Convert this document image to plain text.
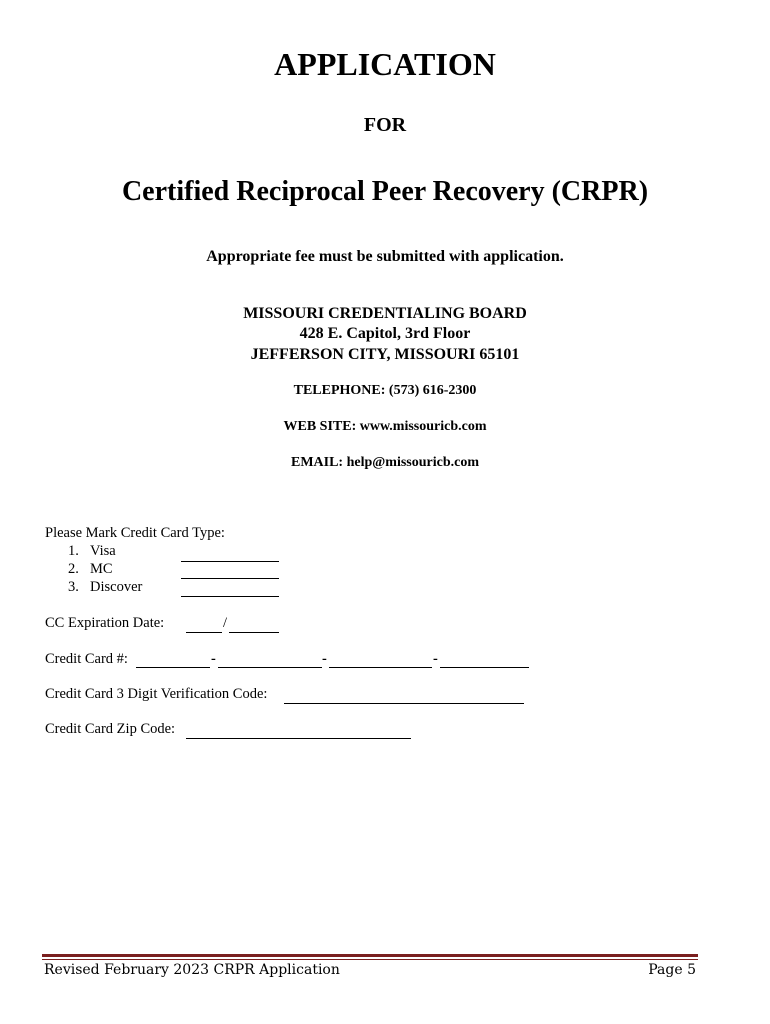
APPLICATION
FOR
Certified Reciprocal Peer Recovery (CRPR)
Appropriate fee must be submitted with application.
MISSOURI CREDENTIALING BOARD
428 E. Capitol, 3rd Floor
JEFFERSON CITY, MISSOURI 65101
TELEPHONE: (573) 616-2300
WEB SITE: www.missouricb.com
EMAIL: help@missouricb.com
Please Mark Credit Card Type:
1. Visa
2. MC
3. Discover
CC Expiration Date:	/
Credit Card #:	-	-	-
Credit Card 3 Digit Verification Code:
Credit Card Zip Code:
Revised February 2023 CRPR Application	Page 5
